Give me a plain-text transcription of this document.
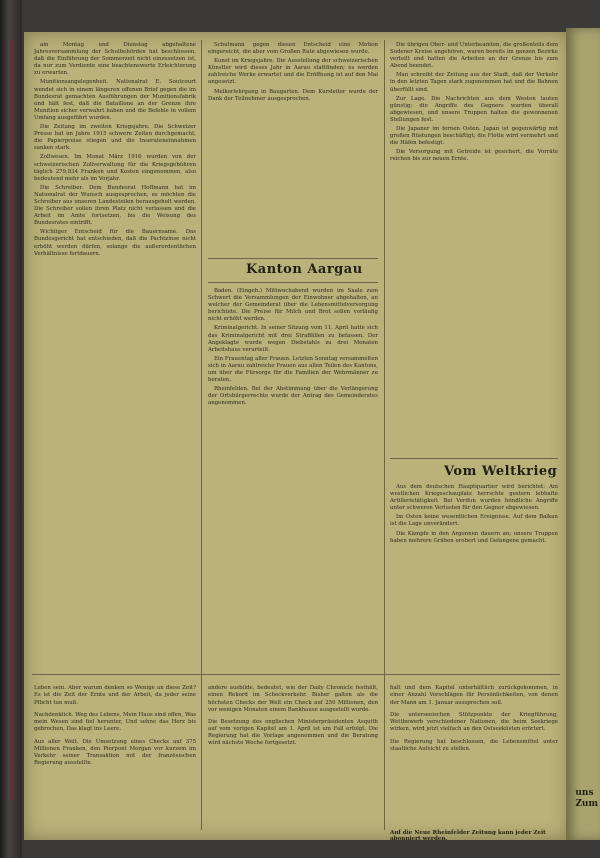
am Montag und Dienstag abgehaltene Jahresversammlung der Schulbehörden hat beschlossen, daß die Einführung der Sommerzeit nicht einzusetzen ist, da nur zum Verdiente eine beachtenswerte Erleichterung zu erwarten.

Munitionsangelegenheit. Nationalrat E. Soutcourt wendet sich in einem längeren offenen Brief gegen die im Bundesrat gemachten Ausführungen der Munitionsfabrik und hält fest, daß die Bataillone an der Grenze ihre Munition sicher verwahrt haben und die Befehle in vollem Umfang ausgeführt wurden.

Die Zeitung im zweiten Kriegsjahre. Die Schweizer Presse hat im Jahre 1915 schwere Zeiten durchgemacht, die Papierpreise stiegen und die Inserateneinnahmen sanken stark.

Zollwesen. Im Monat März 1916 wurden von der schweizerischen Zollverwaltung für die Kriegsgebühren täglich 279,834 Franken und Kosten eingenommen, also bedeutend mehr als im Vorjahr.

Die Schreiber. Dem Bundesrat Hoffmann hat im Nationalrat der Wunsch ausgesprochen, es möchten die Schreiber aus unseren Landesteilen herausgeholt werden. Die Schreiber sollen ihren Platz nicht verlassen und die Arbeit im Amte fortsetzen, bis die Weisung des Bundesrates eintrifft.

Wichtiger Entscheid für die Bauernsame. Das Bundesgericht hat entschieden, daß die Pachtzinse nicht erhöht werden dürfen, solange die außerordentlichen Verhältnisse fortdauern.

Schulmann gegen diesen Entscheid eine Motion eingereicht, die aber vom Großen Rate abgewiesen wurde.

Kunst im Kriegsjahre. Die Ausstellung der schweizerischen Künstler wird dieses Jahr in Aarau stattfinden; es werden zahlreiche Werke erwartet und die Eröffnung ist auf den Mai angesetzt.

Melkerlehrgang in Baugarten. Dem Kursleiter wurde der Dank der Teilnehmer ausgesprochen.

Kanton Aargau

Baden. (Eingeh.) Mittwochabend wurden im Saale zum Schwert die Versammlungen der Einwohner abgehalten, an welcher der Gemeinderat über die Lebensmittelversorgung berichtete. Die Preise für Milch und Brot sollen vorläufig nicht erhöht werden.

Kriminalgericht. In seiner Sitzung vom 11. April hatte sich das Kriminalgericht mit drei Straffällen zu befassen. Der Angeklagte wurde wegen Diebstahls zu drei Monaten Arbeitshaus verurteilt.

Ein Frauentag aller Frauen. Letzten Sonntag versammelten sich in Aarau zahlreiche Frauen aus allen Teilen des Kantons, um über die Fürsorge für die Familien der Wehrmänner zu beraten.

Rheinfelden. Bei der Abstimmung über die Verlängerung der Ortsbürgerrechte wurde der Antrag des Gemeinderates angenommen.

Die übrigen Ober- und Unterbeamten, die großenteils dem Sodener Kreise angehören, waren bereits im ganzen Bezirke verteilt und hatten die Arbeiten an der Grenze bis zum Abend beendet.

Man schreibt der Zeitung aus der Stadt, daß der Verkehr in den letzten Tagen stark zugenommen hat und die Bahnen überfüllt sind.

Zur Lage. Die Nachrichten aus dem Westen lauten günstig; die Angriffe des Gegners wurden überall abgewiesen, und unsere Truppen halten die gewonnenen Stellungen fest.

Die Japaner im fernen Osten. Japan ist gegenwärtig mit großen Rüstungen beschäftigt; die Flotte wird vermehrt und die Häfen befestigt.

Die Versorgung mit Getreide ist gesichert, die Vorräte reichen bis zur neuen Ernte.

Vom Weltkrieg

Aus dem deutschen Hauptquartier wird berichtet: Am westlichen Kriegsschauplatz herrschte gestern lebhafte Artillerietätigkeit. Bei Verdun wurden feindliche Angriffe unter schweren Verlusten für den Gegner abgewiesen.

Im Osten keine wesentlichen Ereignisse. Auf dem Balkan ist die Lage unverändert.

Die Kämpfe in den Argonnen dauern an; unsere Truppen haben mehrere Gräben erobert und Gefangene gemacht.

Leben sein. Aber warum denken so Wenige an diese Zeit? Es ist die Zeit der Ernte und der Arbeit, da jeder seine Pflicht tun muß.

Nachdenklich. Weg des Lebens, Mein Haus sind offen, Was mein Wesen sind fiel herunter, Und sehne das Herz bis gebrochen, Das klagt ins Leere.

Aus aller Welt. Die Umsetzung eines Checks auf 375 Millionen Franken, den Pierpont Morgan vor kurzem im Verkehr seiner Transaktion mit der französischen Regierung ausstellte.

andere ausbilde, bedeutet, wie der Daily Chronicle festhält, einen Rekord im Scheckverkehr. Bisher galten als die höchsten Checks der Welt ein Check auf 250 Millionen, den vor wenigen Monaten einem Bankhause ausgestellt wurde.

Die Besetzung des englischen Ministerpräsidenten Asquith auf vom vorigen Kapitel am 1. April ist um Fall erfolgt. Die Regierung hat die Vorlage angenommen und die Beratung wird nächste Woche fortgesetzt.

halt und dem Kapitel unterhältlich zurückgekommen, in einer Anzahl Vorschlägen für Persönlichkeiten, von denen der Mann am 1. Januar aussprechen soll.

Die unterseeischen Stützpunkte der Kriegführung, Wettbewerb verschiedener Nationen, die beim Seekriege wirken, wird jetzt vielfach an den Ostseeküsten erörtert.

Die Regierung hat beschlossen, die Lebensmittel unter staatliche Aufsicht zu stellen.

Auf die Neue Rheinfelder Zeitung kann jeder Zeit abonniert werden.
uns
Zum
